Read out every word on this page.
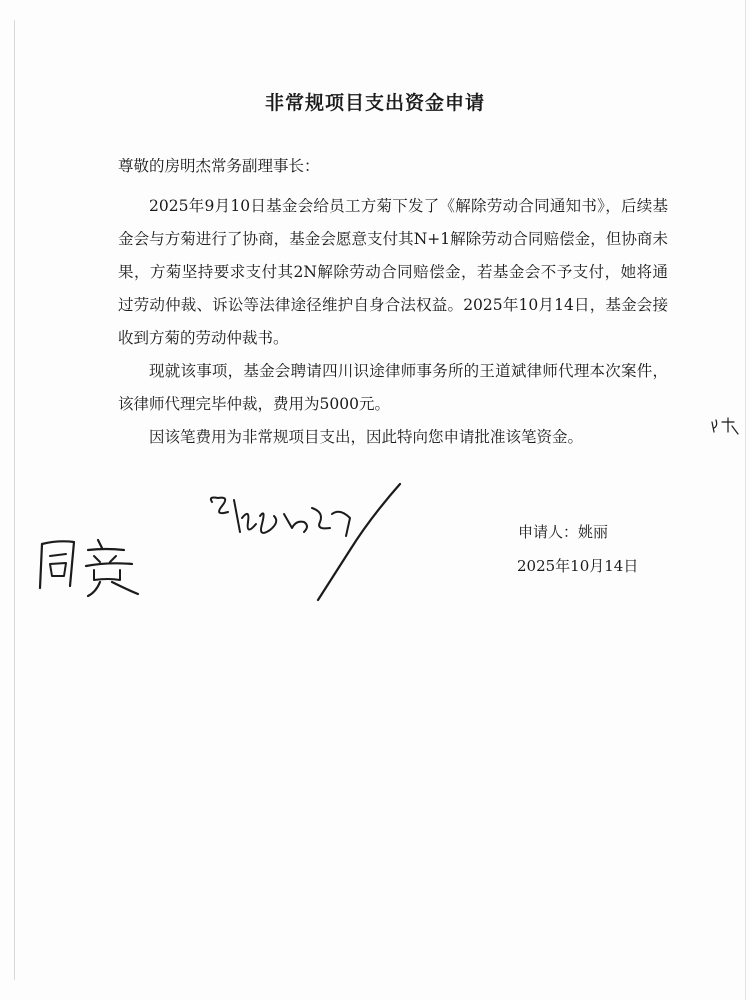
非常规项目支出资金申请
尊敬的房明杰常务副理事长：

2025年9月10日基金会给员工方菊下发了《解除劳动合同通知书》，后续基金会与方菊进行了协商，基金会愿意支付其N+1解除劳动合同赔偿金，但协商未果，方菊坚持要求支付其2N解除劳动合同赔偿金，若基金会不予支付，她将通过劳动仲裁、诉讼等法律途径维护自身合法权益。2025年10月14日，基金会接收到方菊的劳动仲裁书。

现就该事项，基金会聘请四川识途律师事务所的王道斌律师代理本次案件，该律师代理完毕仲裁，费用为5000元。

因该笔费用为非常规项目支出，因此特向您申请批准该笔资金。

申请人：姚丽
2025年10月14日
